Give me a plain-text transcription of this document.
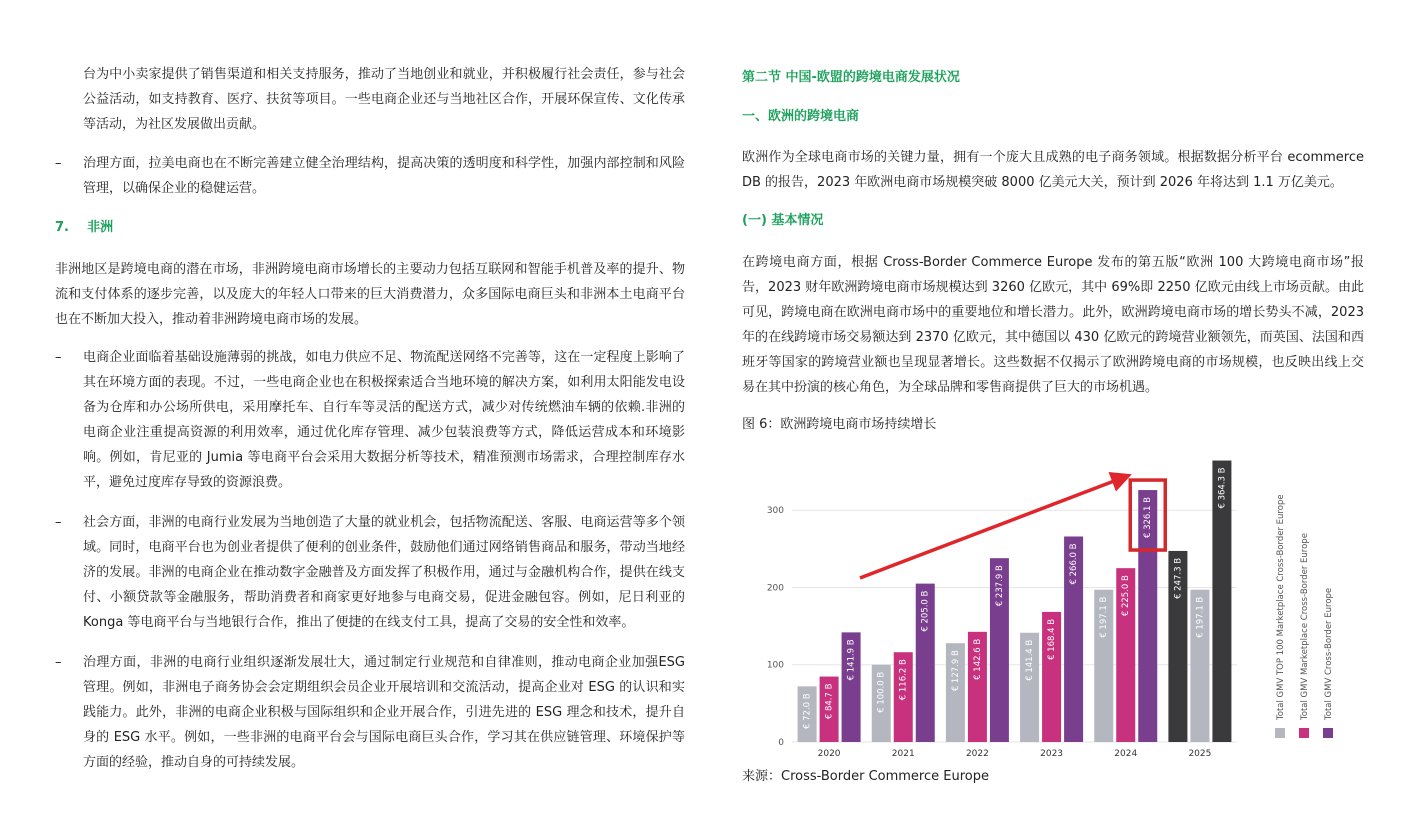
台为中小卖家提供了销售渠道和相关支持服务，推动了当地创业和就业，并积极履行社会责任，参与社会公益活动，如支持教育、医疗、扶贫等项目。一些电商企业还与当地社区合作，开展环保宣传、文化传承等活动，为社区发展做出贡献。
–	治理方面，拉美电商也在不断完善建立健全治理结构，提高决策的透明度和科学性，加强内部控制和风险管理，以确保企业的稳健运营。
7.    非洲
非洲地区是跨境电商的潜在市场，非洲跨境电商市场增长的主要动力包括互联网和智能手机普及率的提升、物流和支付体系的逐步完善，以及庞大的年轻人口带来的巨大消费潜力，众多国际电商巨头和非洲本土电商平台也在不断加大投入，推动着非洲跨境电商市场的发展。
–	电商企业面临着基础设施薄弱的挑战，如电力供应不足、物流配送网络不完善等，这在一定程度上影响了其在环境方面的表现。不过，一些电商企业也在积极探索适合当地环境的解决方案，如利用太阳能发电设备为仓库和办公场所供电，采用摩托车、自行车等灵活的配送方式，减少对传统燃油车辆的依赖.非洲的电商企业注重提高资源的利用效率，通过优化库存管理、减少包装浪费等方式，降低运营成本和环境影响。例如，肯尼亚的 Jumia 等电商平台会采用大数据分析等技术，精准预测市场需求，合理控制库存水平，避免过度库存导致的资源浪费。
–	社会方面，非洲的电商行业发展为当地创造了大量的就业机会，包括物流配送、客服、电商运营等多个领域。同时，电商平台也为创业者提供了便利的创业条件，鼓励他们通过网络销售商品和服务，带动当地经济的发展。非洲的电商企业在推动数字金融普及方面发挥了积极作用，通过与金融机构合作，提供在线支付、小额贷款等金融服务，帮助消费者和商家更好地参与电商交易，促进金融包容。例如，尼日利亚的 Konga 等电商平台与当地银行合作，推出了便捷的在线支付工具，提高了交易的安全性和效率。
–	治理方面，非洲的电商行业组织逐渐发展壮大，通过制定行业规范和自律准则，推动电商企业加强ESG 管理。例如，非洲电子商务协会会定期组织会员企业开展培训和交流活动，提高企业对 ESG 的认识和实践能力。此外，非洲的电商企业积极与国际组织和企业开展合作，引进先进的 ESG 理念和技术，提升自身的 ESG 水平。例如，一些非洲的电商平台会与国际电商巨头合作，学习其在供应链管理、环境保护等方面的经验，推动自身的可持续发展。
第二节 中国-欧盟的跨境电商发展状况
一、欧洲的跨境电商
欧洲作为全球电商市场的关键力量，拥有一个庞大且成熟的电子商务领域。根据数据分析平台 ecommerce DB 的报告，2023 年欧洲电商市场规模突破 8000 亿美元大关，预计到 2026 年将达到 1.1 万亿美元。
(一) 基本情况
在跨境电商方面，根据 Cross-Border Commerce Europe 发布的第五版“欧洲 100 大跨境电商市场”报告，2023 财年欧洲跨境电商市场规模达到 3260 亿欧元，其中 69%即 2250 亿欧元由线上市场贡献。由此可见，跨境电商在欧洲电商市场中的重要地位和增长潜力。此外，欧洲跨境电商市场的增长势头不减，2023 年的在线跨境市场交易额达到 2370 亿欧元，其中德国以 430 亿欧元的跨境营业额领先，而英国、法国和西班牙等国家的跨境营业额也呈现显著增长。这些数据不仅揭示了欧洲跨境电商的市场规模，也反映出线上交易在其中扮演的核心角色，为全球品牌和零售商提供了巨大的市场机遇。
图 6：欧洲跨境电商市场持续增长
来源：Cross-Border Commerce Europe
€ 72.0 B € 84.7 B
€ 141.9 B
€ 100.0 B € 116.2 B
€ 205.0 B
€ 127.9 B € 142.6 B
€ 237.9 B
€ 141.4 B
€ 168.4 B
€ 266.0 B
€ 197.1 B
€ 225.0 B
€ 326.1 B
€ 247.3 B
€ 197.1 B
€ 364.3 B
2020	2021	2022	2023	2024	2025
0
100
200
300	Total GMV TOP 100 Marketplace Cross-Border Europe Total GMV Marketplace Cross-Border Europe Total GMV Cross-Border Europe
